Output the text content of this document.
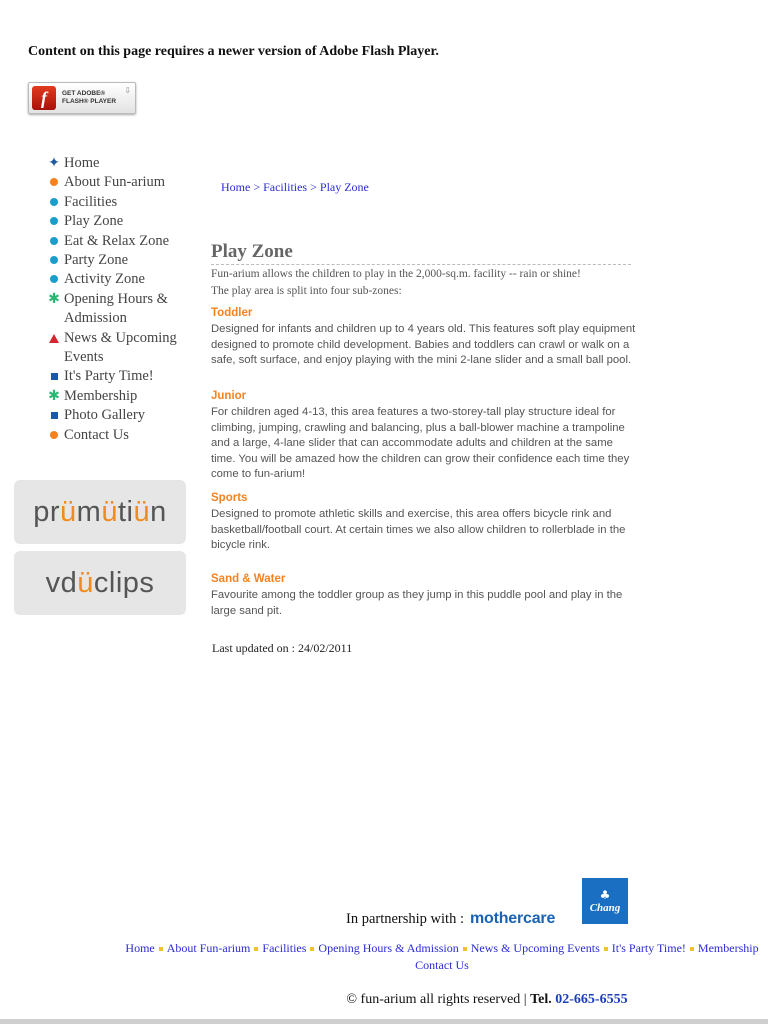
Content on this page requires a newer version of Adobe Flash Player.
f	GET ADOBE®
FLASH® PLAYER
⇩
✦ Home
About Fun-arium
Facilities
Play Zone
Eat & Relax Zone
Party Zone
Activity Zone
✱ Opening Hours & Admission
News & Upcoming Events
It's Party Time!
✱ Membership
Photo Gallery
Contact Us
pr ü m ü ti ü n
vd ü clips
Home > Facilities > Play Zone
Play Zone
Fun-arium allows the children to play in the 2,000-sq.m. facility -- rain or shine!
The play area is split into four sub-zones:
Toddler

Designed for infants and children up to 4 years old. This features soft play equipment designed to promote child development. Babies and toddlers can crawl or walk on a safe, soft surface, and enjoy playing with the mini 2-lane slider and a small ball pool.

Junior

For children aged 4-13, this area features a two-storey-tall play structure ideal for climbing, jumping, crawling and balancing, plus a ball-blower machine a trampoline and a large, 4-lane slider that can accommodate adults and children at the same time. You will be amazed how the children can grow their confidence each time they come to fun-arium!

Sports

Designed to promote athletic skills and exercise, this area offers bicycle rink and basketball/football court. At certain times we also allow children to rollerblade in the bicycle rink.

Sand & Water

Favourite among the toddler group as they jump in this puddle pool and play in the large sand pit.

Last updated on : 24/02/2011
♣
Chang
In partnership with : mothercare
Home About Fun-arium Facilities Opening Hours & Admission News & Upcoming Events It's Party Time! Membership
Contact Us
© fun-arium all rights reserved | Tel. 02-665-6555
